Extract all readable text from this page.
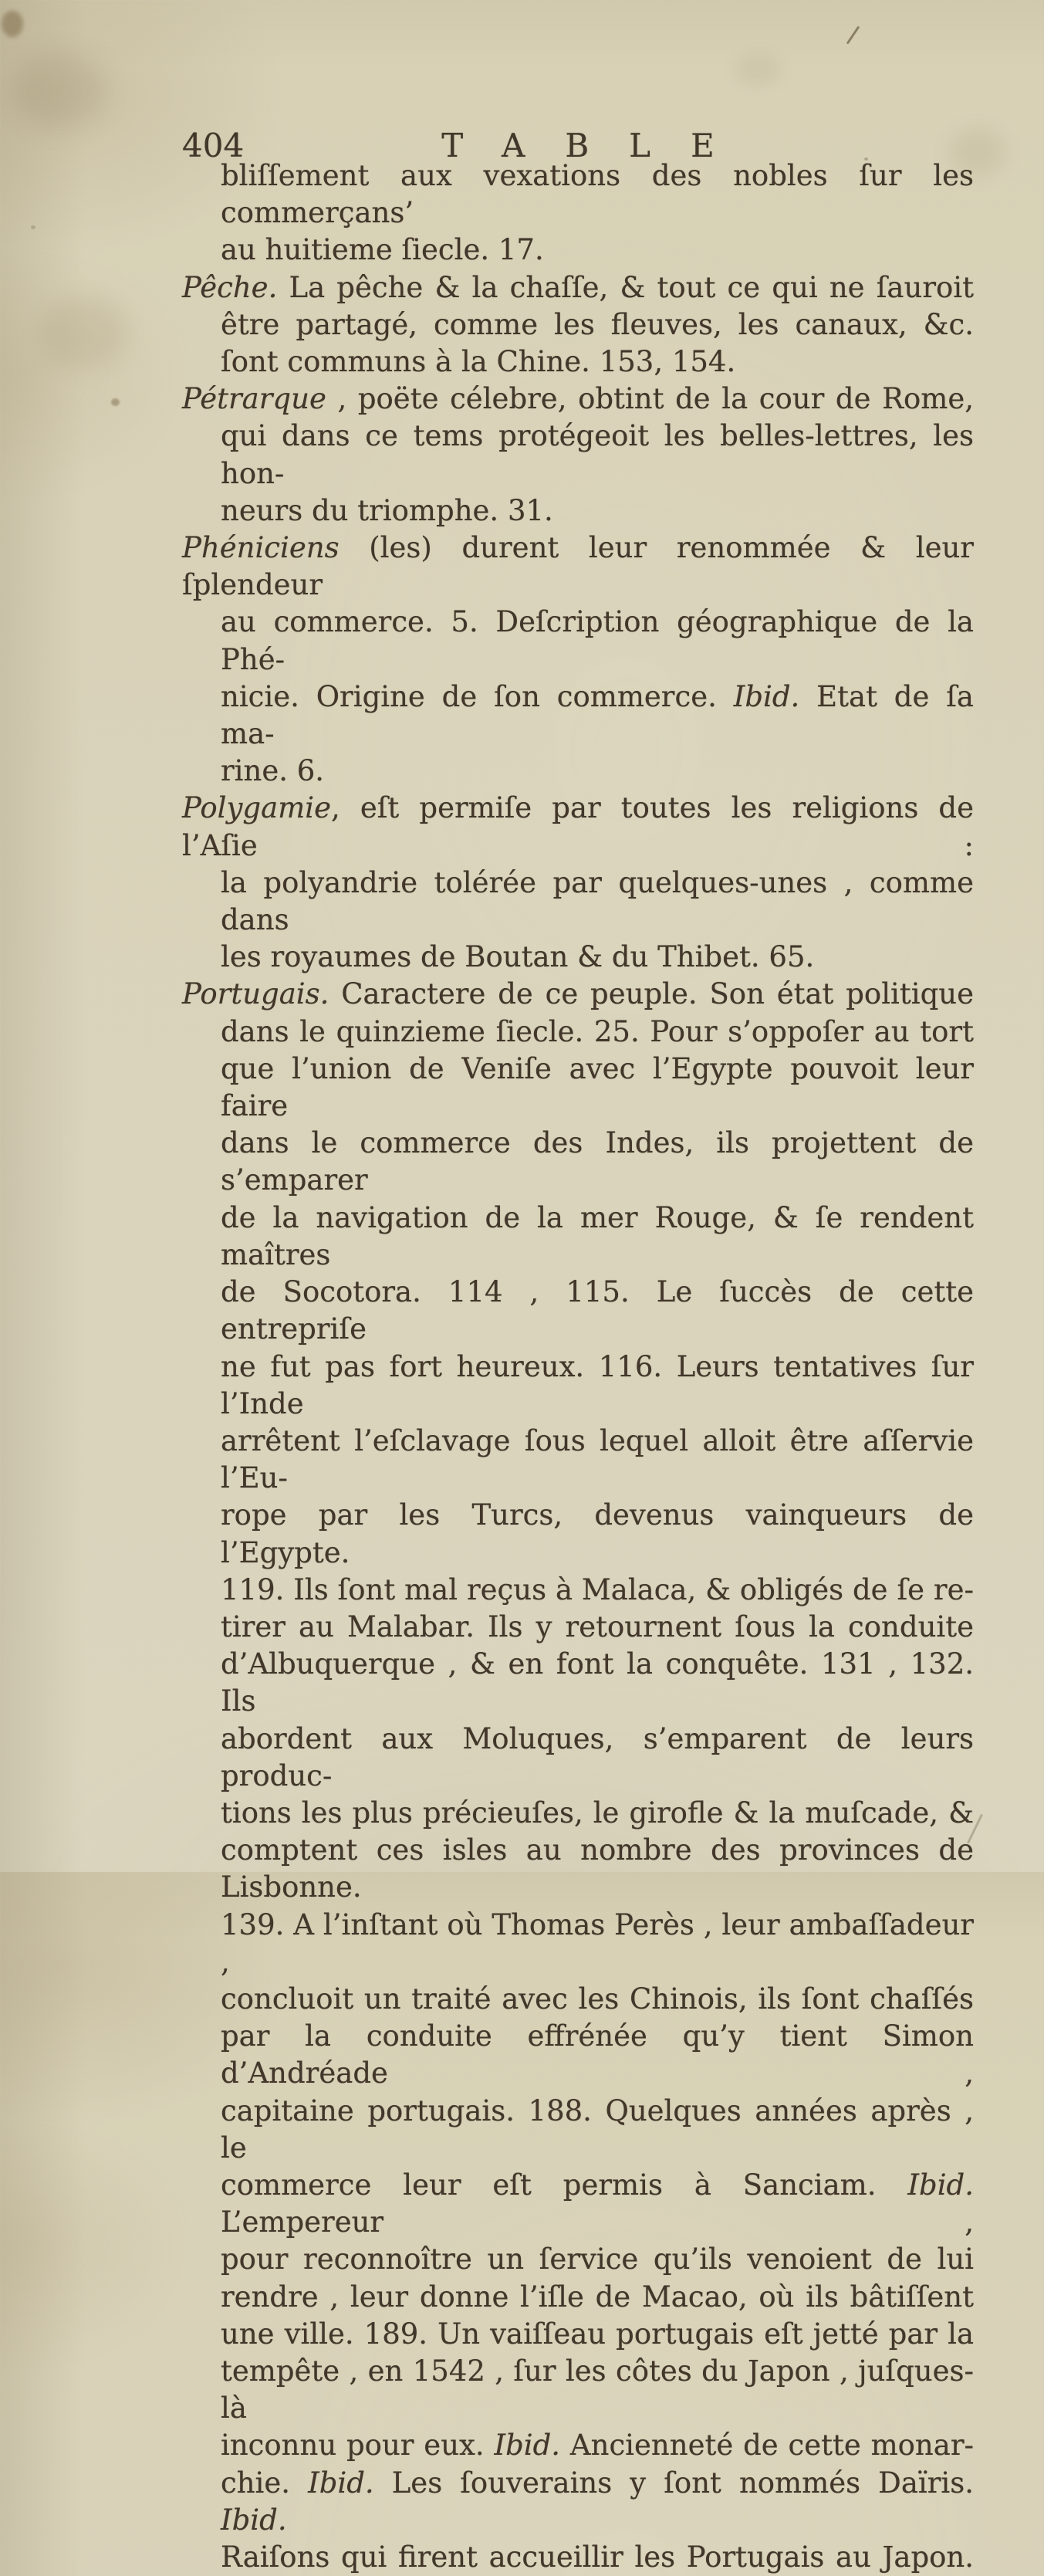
404	TABLE
bliſſement aux vexations des nobles ſur les commerçans’
au huitieme ſiecle. 17.
Pêche. La pêche & la chaſſe, & tout ce qui ne ſauroit
être partagé, comme les fleuves, les canaux, &c.
ſont communs à la Chine. 153, 154.
Pétrarque , poëte célebre, obtint de la cour de Rome,
qui dans ce tems protégeoit les belles-lettres, les hon-
neurs du triomphe. 31.
Phéniciens (les) durent leur renommée & leur ſplendeur
au commerce. 5. Deſcription géographique de la Phé-
nicie. Origine de ſon commerce. Ibid. Etat de ſa ma-
rine. 6.
Polygamie, eſt permiſe par toutes les religions de l’Aſie :
la polyandrie tolérée par quelques-unes , comme dans
les royaumes de Boutan & du Thibet. 65.
Portugais. Caractere de ce peuple. Son état politique
dans le quinzieme ſiecle. 25. Pour s’oppoſer au tort
que l’union de Veniſe avec l’Egypte pouvoit leur faire
dans le commerce des Indes, ils projettent de s’emparer
de la navigation de la mer Rouge, & ſe rendent maîtres
de Socotora. 114 , 115. Le ſuccès de cette entrepriſe
ne fut pas fort heureux. 116. Leurs tentatives ſur l’Inde
arrêtent l’eſclavage ſous lequel alloit être aſſervie l’Eu-
rope par les Turcs, devenus vainqueurs de l’Egypte.
119. Ils ſont mal reçus à Malaca, & obligés de ſe re-
tirer au Malabar. Ils y retournent ſous la conduite
d’Albuquerque , & en font la conquête. 131 , 132. Ils
abordent aux Moluques, s’emparent de leurs produc-
tions les plus précieuſes, le girofle & la muſcade, &
comptent ces isles au nombre des provinces de Lisbonne.
139. A l’inſtant où Thomas Perès , leur ambaſſadeur ,
concluoit un traité avec les Chinois, ils ſont chaſſés
par la conduite effrénée qu’y tient Simon d’Andréade ,
capitaine portugais. 188. Quelques années après , le
commerce leur eſt permis à Sanciam. Ibid. L’empereur ,
pour reconnoître un ſervice qu’ils venoient de lui
rendre , leur donne l’iſle de Macao, où ils bâtiſſent
une ville. 189. Un vaiſſeau portugais eſt jetté par la
tempête , en 1542 , ſur les côtes du Japon , juſques-là
inconnu pour eux. Ibid. Ancienneté de cette monar-
chie. Ibid. Les ſouverains y ſont nommés Daïris. Ibid.
Raiſons qui firent accueillir les Portugais au Japon.
